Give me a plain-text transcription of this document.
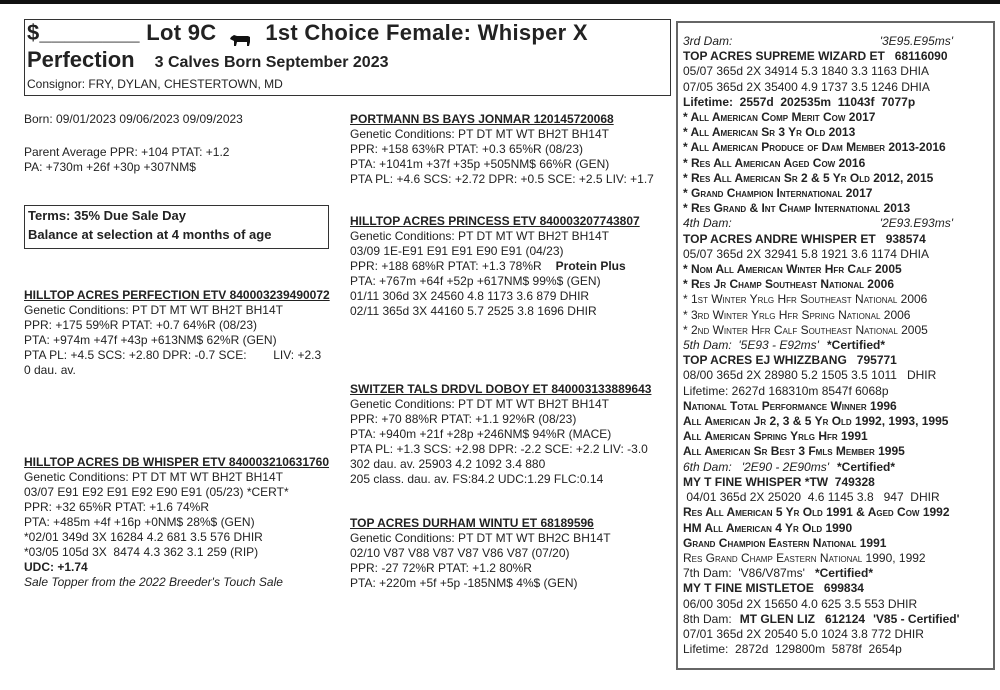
$________ Lot 9C 1st Choice Female: Whisper X
Perfection 3 Calves Born September 2023
Consignor: FRY, DYLAN, CHESTERTOWN, MD
Born: 09/01/2023 09/06/2023 09/09/2023
Parent Average PPR: +104 PTAT: +1.2
PA: +730m +26f +30p +307NM$
Terms: 35% Due Sale Day
Balance at selection at 4 months of age
HILLTOP ACRES PERFECTION ETV 840003239490072
Genetic Conditions: PT DT MT WT BH2T BH14T
PPR: +175 59%R PTAT: +0.7 64%R (08/23)
PTA: +974m +47f +43p +613NM$ 62%R (GEN)
PTA PL: +4.5 SCS: +2.80 DPR: -0.7 SCE:        LIV: +2.3
0 dau. av.
HILLTOP ACRES DB WHISPER ETV 840003210631760
Genetic Conditions: PT DT MT WT BH2T BH14T
03/07 E91 E92 E91 E92 E90 E91 (05/23) *CERT*
PPR: +32 65%R PTAT: +1.6 74%R
PTA: +485m +4f +16p +0NM$ 28%$ (GEN)
*02/01 349d 3X 16284 4.2 681 3.5 576 DHIR
*03/05 105d 3X  8474 4.3 362 3.1 259 (RIP)
UDC: +1.74
Sale Topper from the 2022 Breeder's Touch Sale
PORTMANN BS BAYS JONMAR 120145720068
Genetic Conditions: PT DT MT WT BH2T BH14T
PPR: +158 63%R PTAT: +0.3 65%R (08/23)
PTA: +1041m +37f +35p +505NM$ 66%R (GEN)
PTA PL: +4.6 SCS: +2.72 DPR: +0.5 SCE: +2.5 LIV: +1.7
HILLTOP ACRES PRINCESS ETV 840003207743807
Genetic Conditions: PT DT MT WT BH2T BH14T
03/09 1E-E91 E91 E91 E90 E91 (04/23)
PPR: +188 68%R PTAT: +1.3 78%R Protein Plus
PTA: +767m +64f +52p +617NM$ 99%$ (GEN)
01/11 306d 3X 24560 4.8 1173 3.6 879 DHIR
02/11 365d 3X 44160 5.7 2525 3.8 1696 DHIR
SWITZER TALS DRDVL DOBOY ET 840003133889643
Genetic Conditions: PT DT MT WT BH2T BH14T
PPR: +70 88%R PTAT: +1.1 92%R (08/23)
PTA: +940m +21f +28p +246NM$ 94%R (MACE)
PTA PL: +1.3 SCS: +2.98 DPR: -2.2 SCE: +2.2 LIV: -3.0
302 dau. av. 25903 4.2 1092 3.4 880
205 class. dau. av. FS:84.2 UDC:1.29 FLC:0.14
TOP ACRES DURHAM WINTU ET 68189596
Genetic Conditions: PT DT MT WT BH2C BH14T
02/10 V87 V88 V87 V87 V86 V87 (07/20)
PPR: -27 72%R PTAT: +1.2 80%R
PTA: +220m +5f +5p -185NM$ 4%$ (GEN)
3rd Dam:	'3E95.E95ms'
TOP ACRES SUPREME WIZARD ET   68116090
05/07 365d 2X 34914 5.3 1840 3.3 1163 DHIA
07/05 365d 2X 35400 4.9 1737 3.5 1246 DHIA
Lifetime:  2557d  202535m  11043f  7077p
* All American Comp Merit Cow 2017
* All American Sr 3 Yr Old 2013
* All American Produce of Dam Member 2013-2016
* Res All American Aged Cow 2016
* Res All American Sr 2 & 5 Yr Old 2012, 2015
* Grand Champion International 2017
* Res Grand & Int Champ International 2013
4th Dam:	'2E93.E93ms'
TOP ACRES ANDRE WHISPER ET   938574
05/07 365d 2X 32941 5.8 1921 3.6 1174 DHIA
* Nom All American Winter Hfr Calf 2005
* Res Jr Champ Southeast National 2006
* 1st Winter Yrlg Hfr Southeast National 2006
* 3rd Winter Yrlg Hfr Spring National 2006
* 2nd Winter Hfr Calf Southeast National 2005
5th Dam:  '5E93 - E92ms' *Certified*
TOP ACRES EJ WHIZZBANG   795771
08/00 365d 2X 28980 5.2 1505 3.5 1011   DHIR
Lifetime: 2627d 168310m 8547f 6068p
National Total Performance Winner 1996
All American Jr 2, 3 & 5 Yr Old 1992, 1993, 1995
All American Spring Yrlg Hfr 1991
All American Sr Best 3 Fmls Member 1995
6th Dam:   '2E90 - 2E90ms' *Certified*
MY T FINE WHISPER *TW  749328
04/01 365d 2X 25020  4.6 1145 3.8   947  DHIR
Res All American 5 Yr Old 1991 & Aged Cow 1992
HM All American 4 Yr Old 1990
Grand Champion Eastern National 1991
Res Grand Champ Eastern National 1990, 1992
7th Dam:  'V86/V87ms' *Certified*
MY T FINE MISTLETOE   699834
06/00 305d 2X 15650 4.0 625 3.5 553 DHIR
8th Dam: MT GLEN LIZ   612124 'V85 - Certified'
07/01 365d 2X 20540 5.0 1024 3.8 772 DHIR
Lifetime:  2872d  129800m  5878f  2654p
